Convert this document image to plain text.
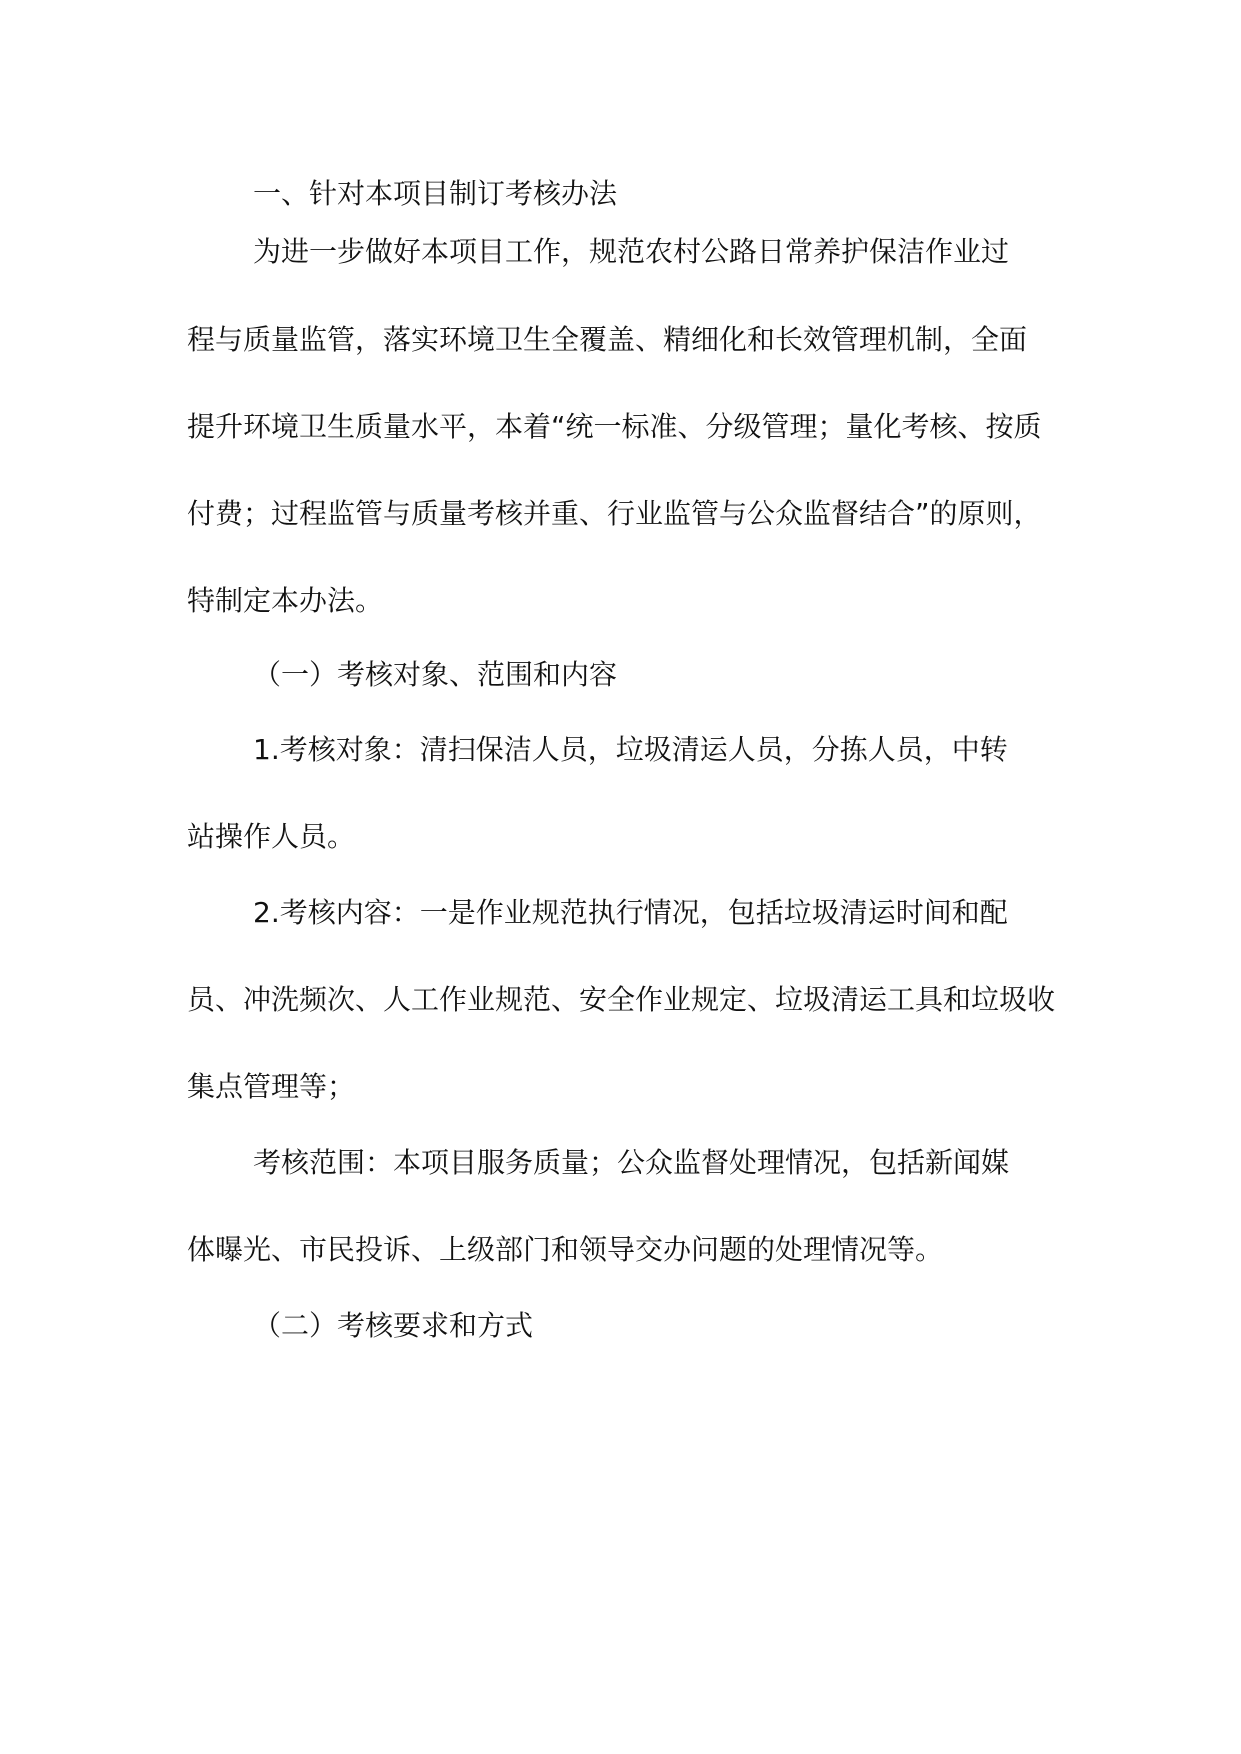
一、针对本项目制订考核办法
为进一步做好本项目工作，规范农村公路日常养护保洁作业过
程与质量监管，落实环境卫生全覆盖、精细化和长效管理机制，全面
提升环境卫生质量水平，本着“统一标准、分级管理；量化考核、按质
付费；过程监管与质量考核并重、行业监管与公众监督结合”的原则，
特制定本办法。
（一）考核对象、范围和内容
1.考核对象：清扫保洁人员，垃圾清运人员，分拣人员，中转
站操作人员。
2.考核内容：一是作业规范执行情况，包括垃圾清运时间和配
员、冲洗频次、人工作业规范、安全作业规定、垃圾清运工具和垃圾收
集点管理等；
考核范围：本项目服务质量；公众监督处理情况，包括新闻媒
体曝光、市民投诉、上级部门和领导交办问题的处理情况等。
（二）考核要求和方式
